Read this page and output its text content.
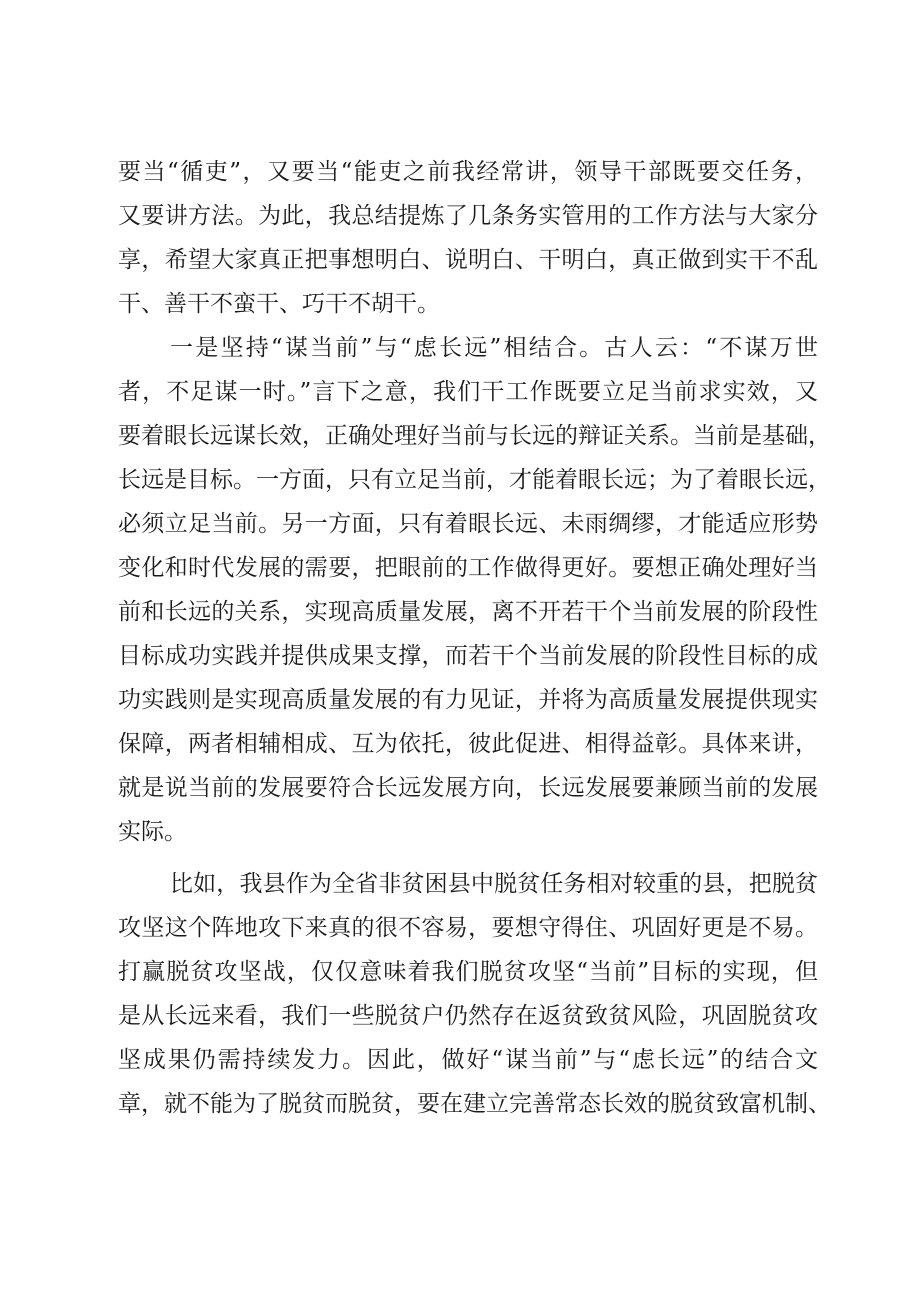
要当“循吏”，又要当“能吏之前我经常讲，领导干部既要交任务，
又要讲方法。为此，我总结提炼了几条务实管用的工作方法与大家分
享，希望大家真正把事想明白、说明白、干明白，真正做到实干不乱
干、善干不蛮干、巧干不胡干。
一是坚持“谋当前”与“虑长远”相结合。古人云：“不谋万世
者，不足谋一时。”言下之意，我们干工作既要立足当前求实效，又
要着眼长远谋长效，正确处理好当前与长远的辩证关系。当前是基础，
长远是目标。一方面，只有立足当前，才能着眼长远；为了着眼长远，
必须立足当前。另一方面，只有着眼长远、未雨绸缪，才能适应形势
变化和时代发展的需要，把眼前的工作做得更好。要想正确处理好当
前和长远的关系，实现高质量发展，离不开若干个当前发展的阶段性
目标成功实践并提供成果支撑，而若干个当前发展的阶段性目标的成
功实践则是实现高质量发展的有力见证，并将为高质量发展提供现实
保障，两者相辅相成、互为依托，彼此促进、相得益彰。具体来讲，
就是说当前的发展要符合长远发展方向，长远发展要兼顾当前的发展
实际。
比如，我县作为全省非贫困县中脱贫任务相对较重的县，把脱贫
攻坚这个阵地攻下来真的很不容易，要想守得住、巩固好更是不易。
打赢脱贫攻坚战，仅仅意味着我们脱贫攻坚“当前”目标的实现，但
是从长远来看，我们一些脱贫户仍然存在返贫致贫风险，巩固脱贫攻
坚成果仍需持续发力。因此，做好“谋当前”与“虑长远”的结合文
章，就不能为了脱贫而脱贫，要在建立完善常态长效的脱贫致富机制、
